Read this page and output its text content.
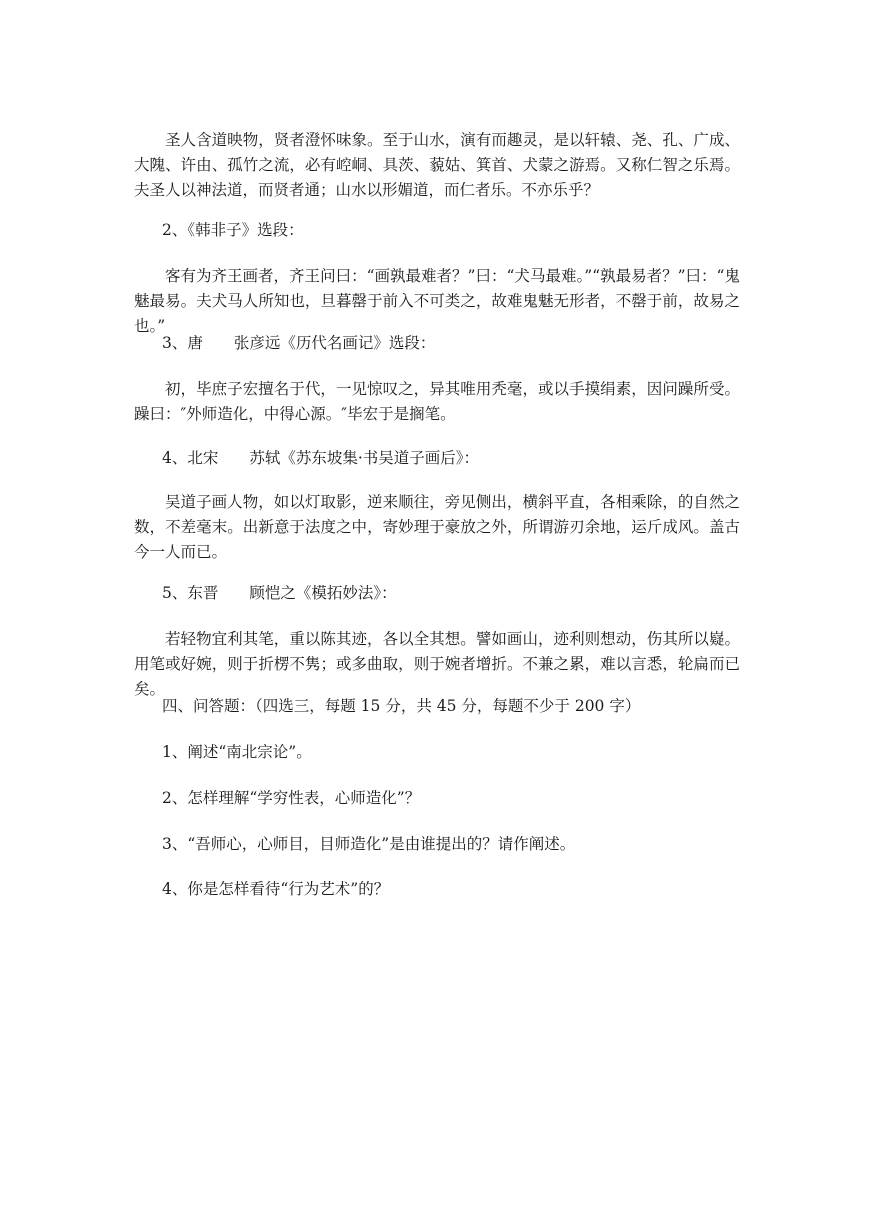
圣人含道映物，贤者澄怀味象。至于山水，演有而趣灵，是以轩辕、尧、孔、广成、大隗、许由、孤竹之流，必有崆峒、具茨、藐姑、箕首、犬蒙之游焉。又称仁智之乐焉。夫圣人以神法道，而贤者通；山水以形媚道，而仁者乐。不亦乐乎？

2、《韩非子》选段：

客有为齐王画者，齐王问曰：“画孰最难者？”曰：“犬马最难。”“孰最易者？”曰：“鬼魅最易。夫犬马人所知也，旦暮罄于前入不可类之，故难鬼魅无形者，不罄于前，故易之也。”

3、唐　　张彦远《历代名画记》选段：

初，毕庶子宏擅名于代，一见惊叹之，异其唯用秃毫，或以手摸绢素，因问躁所受。躁曰：″外师造化，中得心源。″毕宏于是搁笔。

4、北宋　　苏轼《苏东坡集·书吴道子画后》：

吴道子画人物，如以灯取影，逆来顺往，旁见侧出，横斜平直，各相乘除，的自然之数，不差毫末。出新意于法度之中，寄妙理于豪放之外，所谓游刃余地，运斤成风。盖古今一人而已。

5、东晋　　顾恺之《模拓妙法》：

若轻物宜利其笔，重以陈其迹，各以全其想。譬如画山，迹利则想动，伤其所以嶷。用笔或好婉，则于折楞不隽；或多曲取，则于婉者增折。不兼之累，难以言悉，轮扁而已矣。

四、问答题：（四选三，每题 15 分，共 45 分，每题不少于 200 字）

1、阐述“南北宗论”。

2、怎样理解“学穷性表，心师造化”？

3、“吾师心，心师目，目师造化”是由谁提出的？请作阐述。

4、你是怎样看待“行为艺术”的？
